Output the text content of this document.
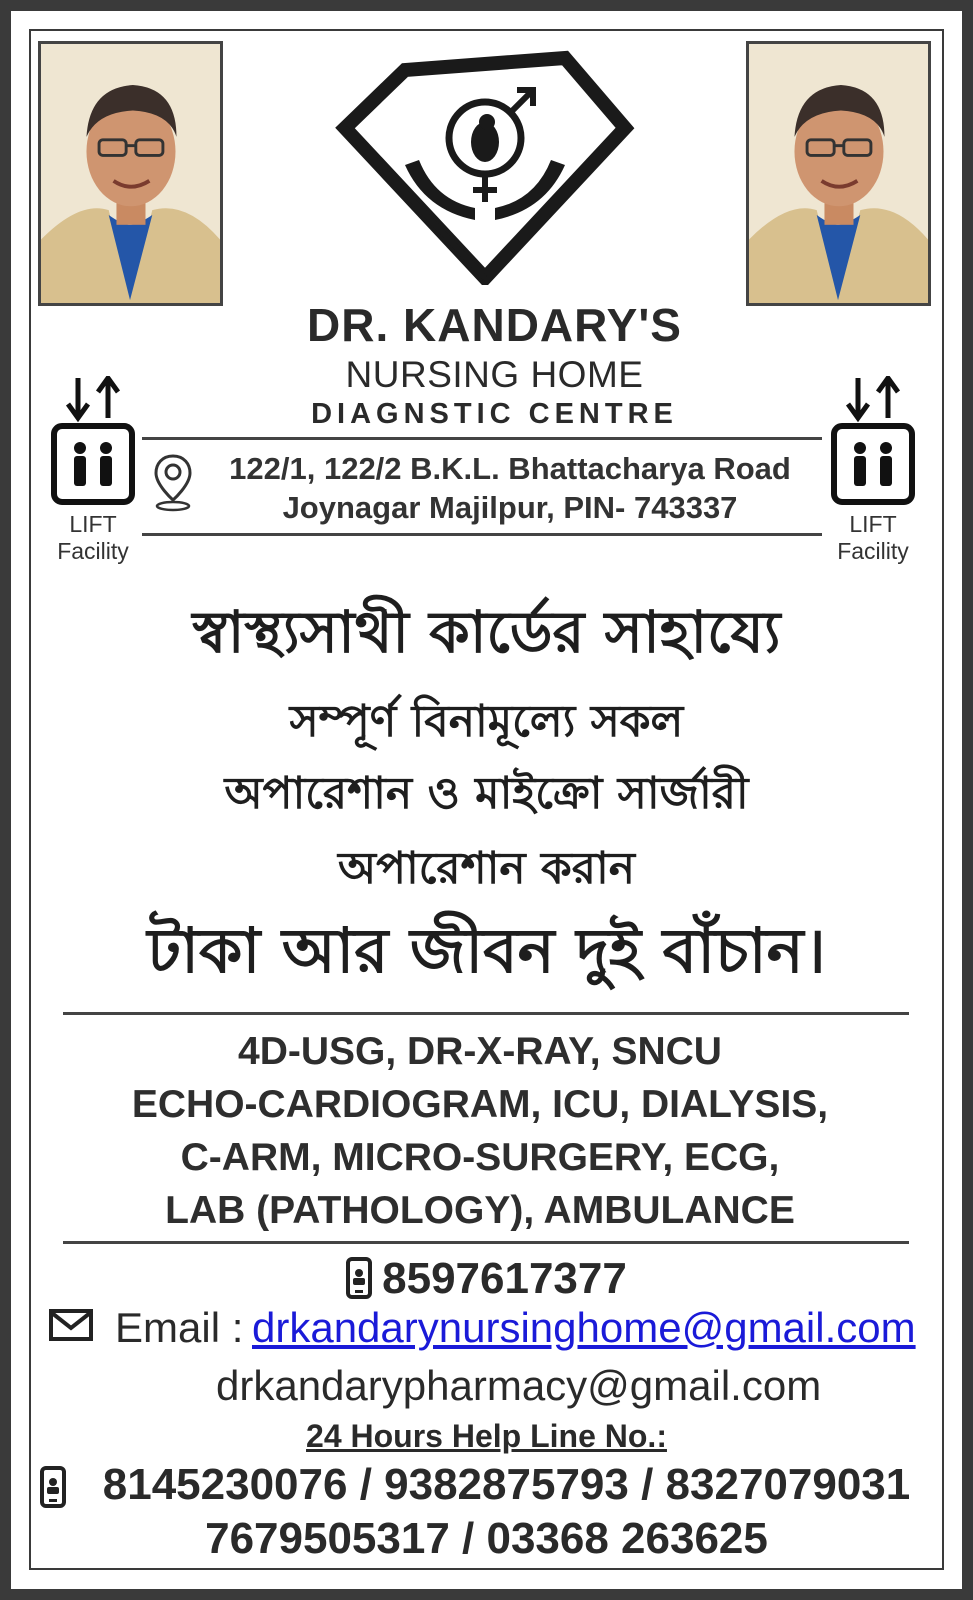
DR. KANDARY'S
NURSING HOME
DIAGNSTIC CENTRE
LIFT
Facility
LIFT
Facility
122/1, 122/2 B.K.L. Bhattacharya Road
Joynagar Majilpur, PIN- 743337
স্বাস্থ্যসাথী কার্ডের সাহায্যে
সম্পূর্ণ বিনামূল্যে সকল
অপারেশান ও মাইক্রো সার্জারী
অপারেশান করান
টাকা আর জীবন দুই বাঁচান।
4D-USG, DR-X-RAY, SNCU
ECHO-CARDIOGRAM, ICU, DIALYSIS,
C-ARM, MICRO-SURGERY, ECG,
LAB (PATHOLOGY), AMBULANCE
8597617377
Email : drkandarynursinghome@gmail.com
drkandarypharmacy@gmail.com
24 Hours Help Line No.:
8145230076 / 9382875793 / 8327079031
7679505317 / 03368 263625
